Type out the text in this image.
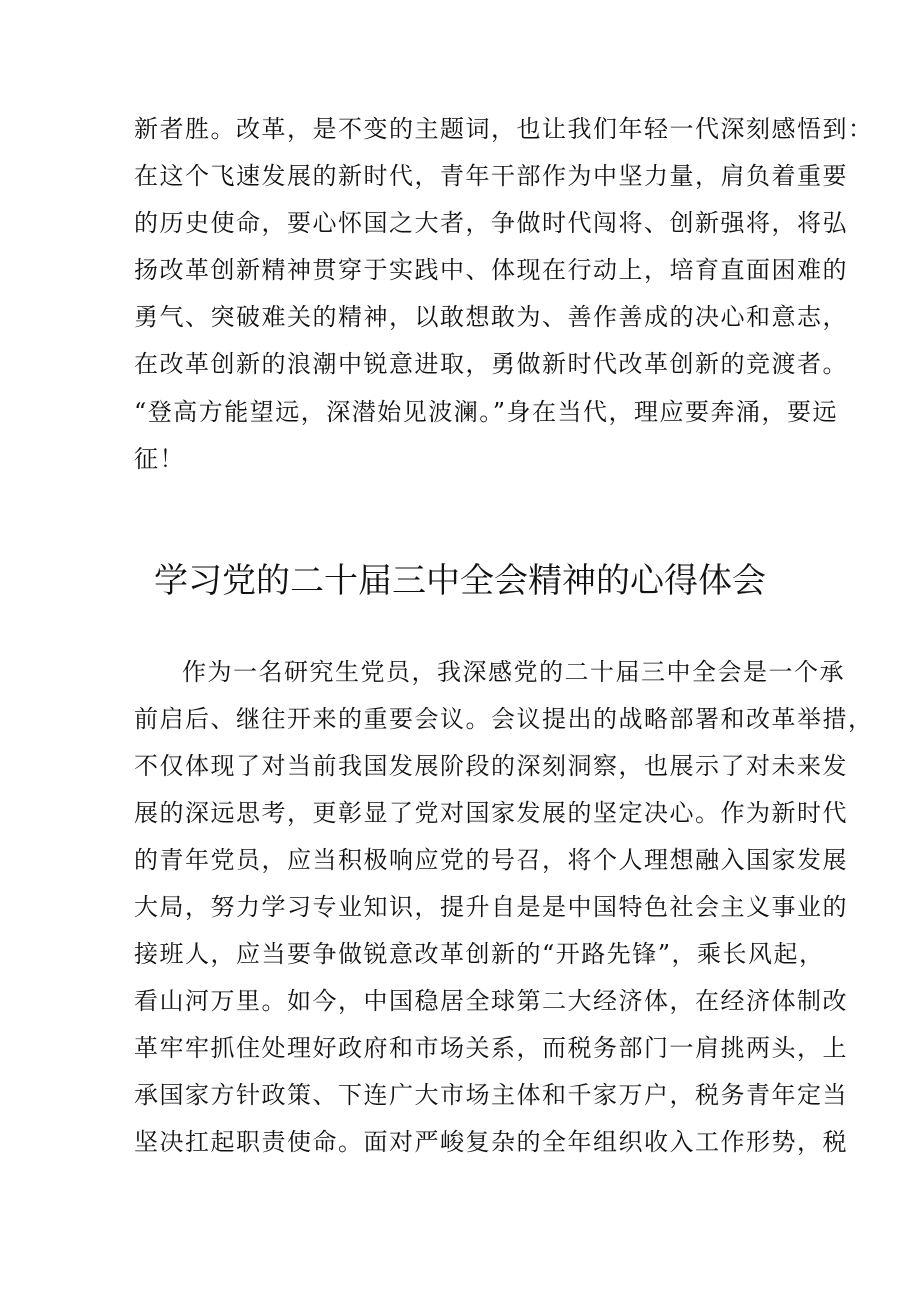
新者胜。改革，是不变的主题词，也让我们年轻一代深刻感悟到：
在这个飞速发展的新时代，青年干部作为中坚力量，肩负着重要
的历史使命，要心怀国之大者，争做时代闯将、创新强将，将弘
扬改革创新精神贯穿于实践中、体现在行动上，培育直面困难的
勇气、突破难关的精神，以敢想敢为、善作善成的决心和意志，
在改革创新的浪潮中锐意进取，勇做新时代改革创新的竞渡者。
“登高方能望远，深潜始见波澜。”身在当代，理应要奔涌，要远
征！
学习党的二十届三中全会精神的心得体会
作为一名研究生党员，我深感党的二十届三中全会是一个承
前启后、继往开来的重要会议。会议提出的战略部署和改革举措，
不仅体现了对当前我国发展阶段的深刻洞察，也展示了对未来发
展的深远思考，更彰显了党对国家发展的坚定决心。作为新时代
的青年党员，应当积极响应党的号召，将个人理想融入国家发展
大局，努力学习专业知识，提升自是是中国特色社会主义事业的
接班人，应当要争做锐意改革创新的“开路先锋”，乘长风起，
看山河万里。如今，中国稳居全球第二大经济体，在经济体制改
革牢牢抓住处理好政府和市场关系，而税务部门一肩挑两头，上
承国家方针政策、下连广大市场主体和千家万户，税务青年定当
坚决扛起职责使命。面对严峻复杂的全年组织收入工作形势，税
